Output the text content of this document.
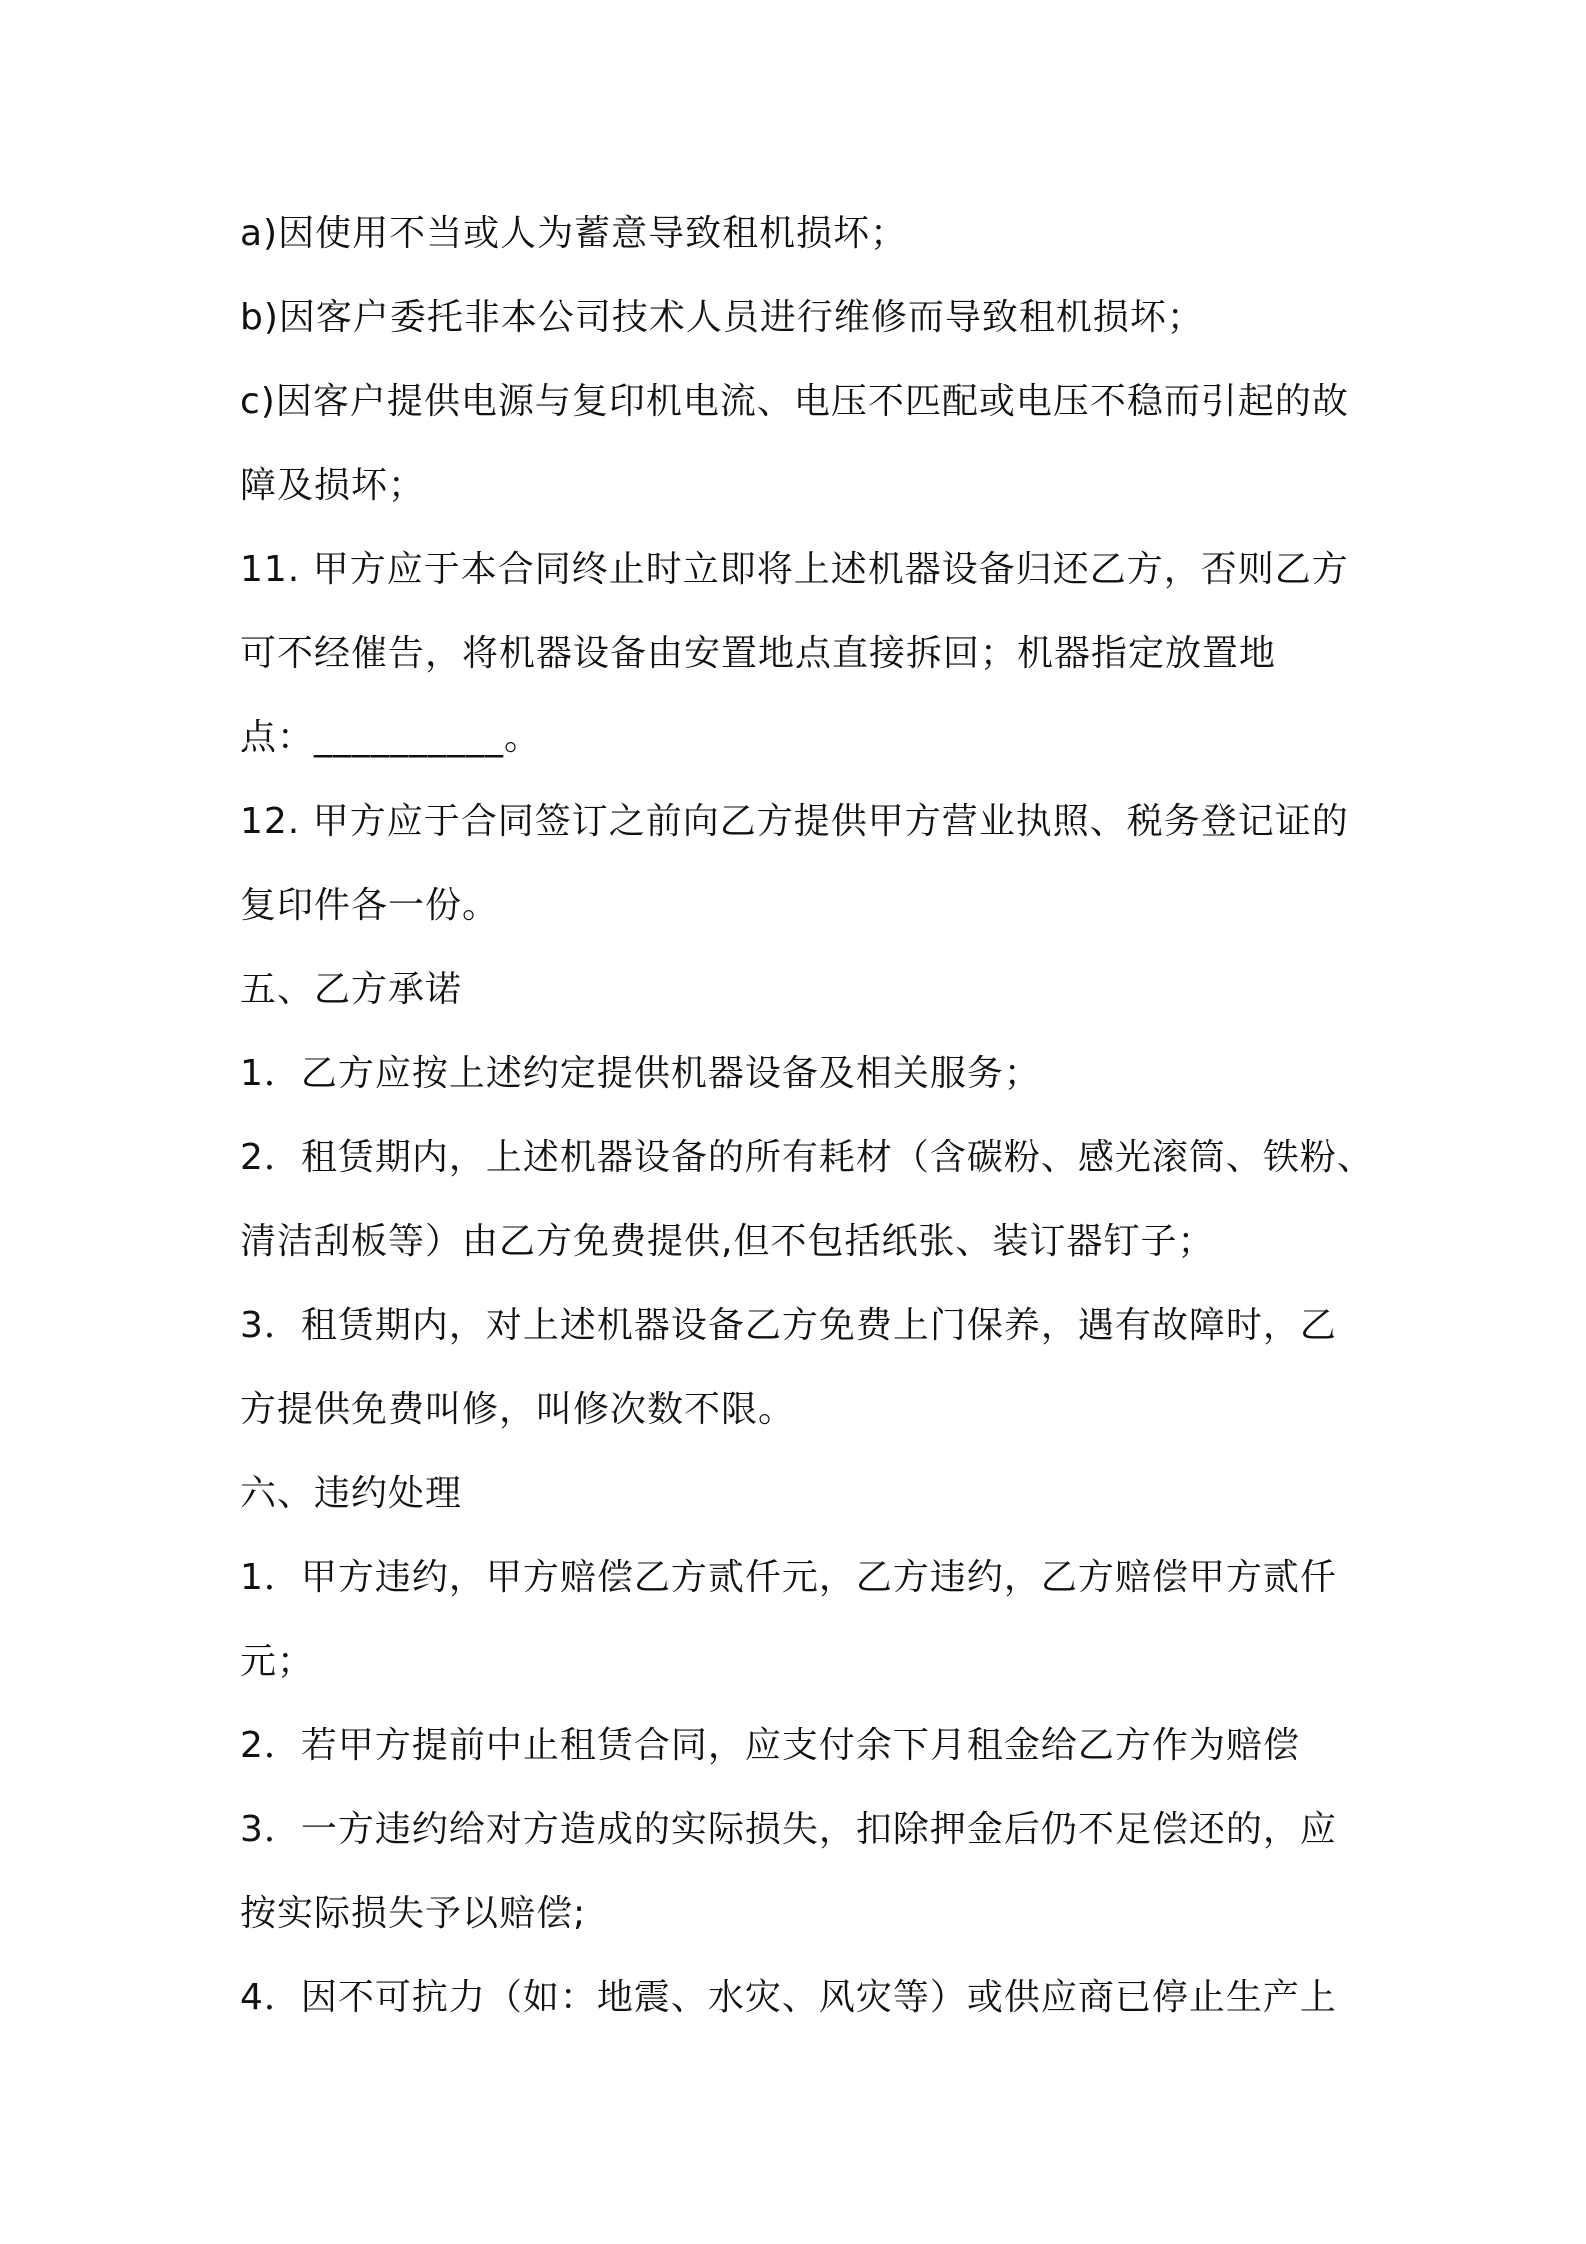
a)因使用不当或人为蓄意导致租机损坏；
b)因客户委托非本公司技术人员进行维修而导致租机损坏；
c)因客户提供电源与复印机电流、电压不匹配或电压不稳而引起的故
障及损坏；
11. 甲方应于本合同终止时立即将上述机器设备归还乙方，否则乙方
可不经催告，将机器设备由安置地点直接拆回；机器指定放置地
点：__________。
12. 甲方应于合同签订之前向乙方提供甲方营业执照、税务登记证的
复印件各一份。
五、乙方承诺
1．乙方应按上述约定提供机器设备及相关服务；
2．租赁期内，上述机器设备的所有耗材（含碳粉、感光滚筒、铁粉、
清洁刮板等）由乙方免费提供,但不包括纸张、装订器钉子；
3．租赁期内，对上述机器设备乙方免费上门保养，遇有故障时，乙
方提供免费叫修，叫修次数不限。
六、违约处理
1．甲方违约，甲方赔偿乙方贰仟元，乙方违约，乙方赔偿甲方贰仟
元；
2．若甲方提前中止租赁合同，应支付余下月租金给乙方作为赔偿
3．一方违约给对方造成的实际损失，扣除押金后仍不足偿还的，应
按实际损失予以赔偿;
4．因不可抗力（如：地震、水灾、风灾等）或供应商已停止生产上
